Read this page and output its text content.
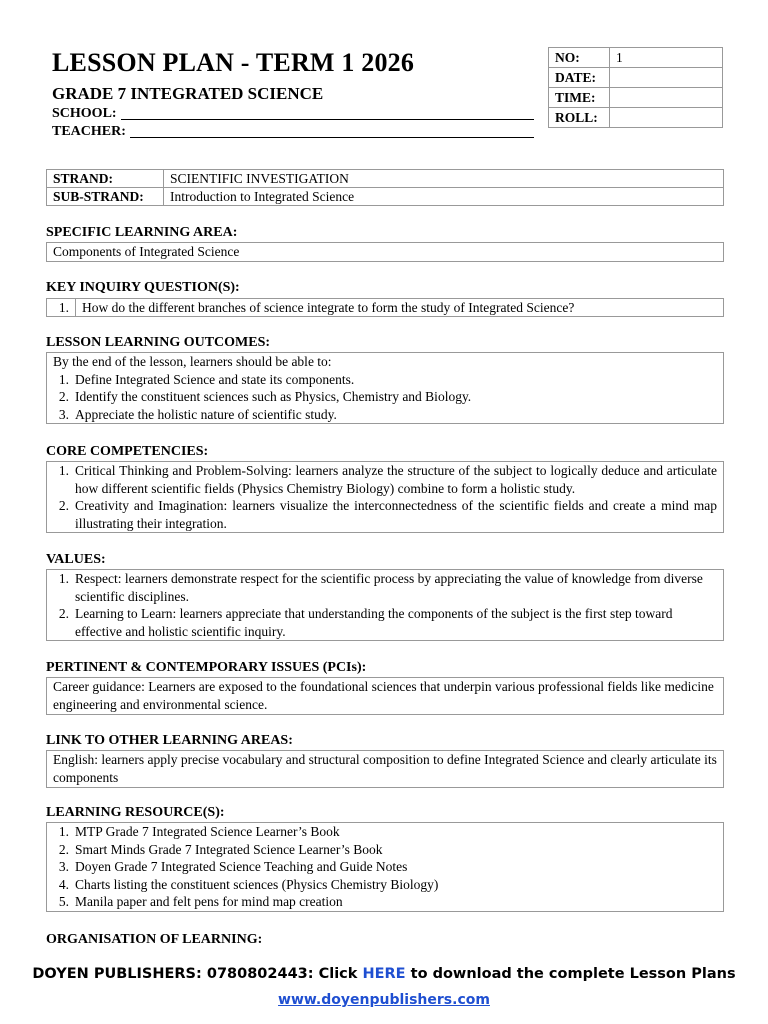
LESSON PLAN - TERM 1 2026
GRADE 7 INTEGRATED SCIENCE
SCHOOL:
TEACHER:
NO:	1
DATE:	
TIME:	
ROLL:	
STRAND:	SCIENTIFIC INVESTIGATION
SUB-STRAND:	Introduction to Integrated Science
SPECIFIC LEARNING AREA:
Components of Integrated Science
KEY INQUIRY QUESTION(S):
1. How do the different branches of science integrate to form the study of Integrated Science?
LESSON LEARNING OUTCOMES:
By the end of the lesson, learners should be able to:
1. Define Integrated Science and state its components.
2. Identify the constituent sciences such as Physics, Chemistry and Biology.
3. Appreciate the holistic nature of scientific study.
CORE COMPETENCIES:
1. Critical Thinking and Problem-Solving: learners analyze the structure of the subject to logically deduce and articulate how different scientific fields (Physics Chemistry Biology) combine to form a holistic study.
2. Creativity and Imagination: learners visualize the interconnectedness of the scientific fields and create a mind map illustrating their integration.
VALUES:
1. Respect: learners demonstrate respect for the scientific process by appreciating the value of knowledge from diverse scientific disciplines.
2. Learning to Learn: learners appreciate that understanding the components of the subject is the first step toward effective and holistic scientific inquiry.
PERTINENT & CONTEMPORARY ISSUES (PCIs):
Career guidance: Learners are exposed to the foundational sciences that underpin various professional fields like medicine engineering and environmental science.
LINK TO OTHER LEARNING AREAS:
English: learners apply precise vocabulary and structural composition to define Integrated Science and clearly articulate its components
LEARNING RESOURCE(S):
1. MTP Grade 7 Integrated Science Learner’s Book
2. Smart Minds Grade 7 Integrated Science Learner’s Book
3. Doyen Grade 7 Integrated Science Teaching and Guide Notes
4. Charts listing the constituent sciences (Physics Chemistry Biology)
5. Manila paper and felt pens for mind map creation
ORGANISATION OF LEARNING:
DOYEN PUBLISHERS: 0780802443: Click HERE to download the complete Lesson Plans
www.doyenpublishers.com
